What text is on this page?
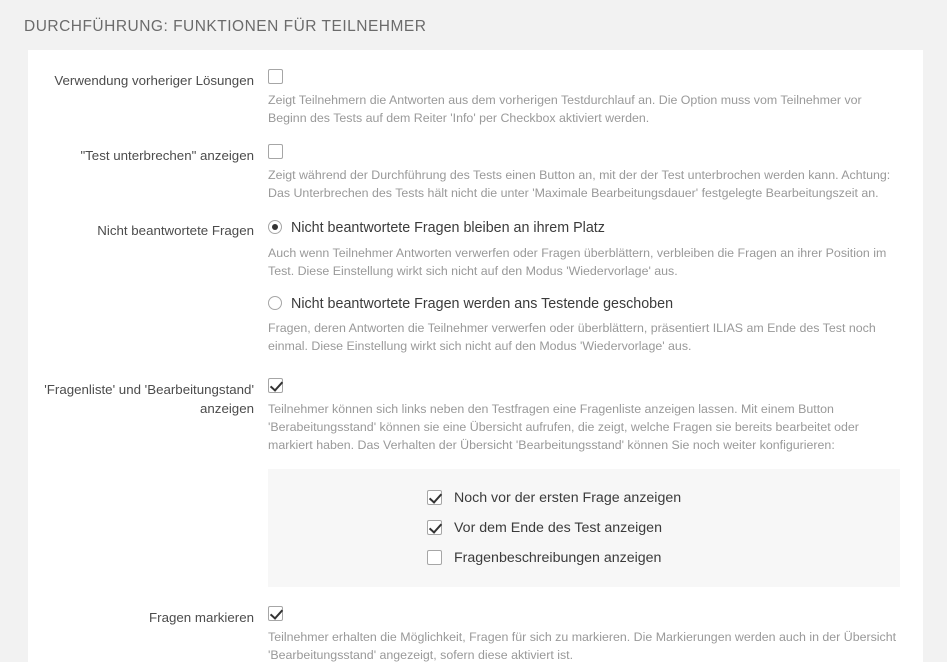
DURCHFÜHRUNG: FUNKTIONEN FÜR TEILNEHMER
Verwendung vorheriger Lösungen
Zeigt Teilnehmern die Antworten aus dem vorherigen Testdurchlauf an. Die Option muss vom Teilnehmer vor Beginn des Tests auf dem Reiter 'Info' per Checkbox aktiviert werden.
"Test unterbrechen" anzeigen
Zeigt während der Durchführung des Tests einen Button an, mit der der Test unterbrochen werden kann. Achtung: Das Unterbrechen des Tests hält nicht die unter 'Maximale Bearbeitungsdauer' festgelegte Bearbeitungszeit an.
Nicht beantwortete Fragen	Nicht beantwortete Fragen bleiben an ihrem Platz
Auch wenn Teilnehmer Antworten verwerfen oder Fragen überblättern, verbleiben die Fragen an ihrer Position im Test. Diese Einstellung wirkt sich nicht auf den Modus 'Wiedervorlage' aus.
Nicht beantwortete Fragen werden ans Testende geschoben
Fragen, deren Antworten die Teilnehmer verwerfen oder überblättern, präsentiert ILIAS am Ende des Test noch einmal. Diese Einstellung wirkt sich nicht auf den Modus 'Wiedervorlage' aus.
'Fragenliste' und 'Bearbeitungstand' anzeigen	Teilnehmer können sich links neben den Testfragen eine Fragenliste anzeigen lassen. Mit einem Button 'Berabeitungsstand' können sie eine Übersicht aufrufen, die zeigt, welche Fragen sie bereits bearbeitet oder markiert haben. Das Verhalten der Übersicht 'Bearbeitungsstand' können Sie noch weiter konfigurieren:
Noch vor der ersten Frage anzeigen
Vor dem Ende des Test anzeigen
Fragenbeschreibungen anzeigen
Fragen markieren
Teilnehmer erhalten die Möglichkeit, Fragen für sich zu markieren. Die Markierungen werden auch in der Übersicht 'Bearbeitungsstand' angezeigt, sofern diese aktiviert ist.
